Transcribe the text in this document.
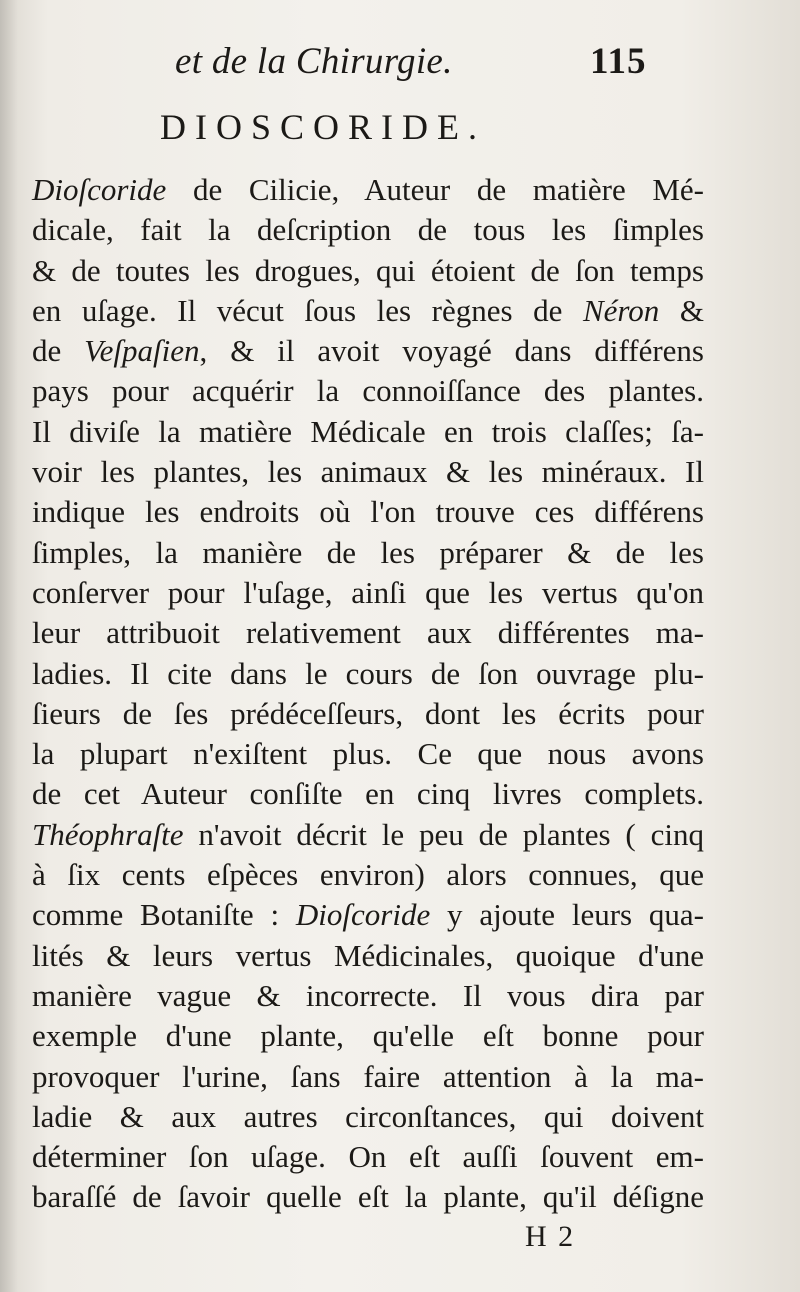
et de la Chirurgie.	115
DIOSCORIDE.
Dioſcoride de Cilicie, Auteur de matière Mé-
dicale, fait la deſcription de tous les ſimples
& de toutes les drogues, qui étoient de ſon temps
en uſage. Il vécut ſous les règnes de Néron &
de Veſpaſien, & il avoit voyagé dans différens
pays pour acquérir la connoiſſance des plantes.
Il diviſe la matière Médicale en trois claſſes; ſa-
voir les plantes, les animaux & les minéraux. Il
indique les endroits où l'on trouve ces différens
ſimples, la manière de les préparer & de les
conſerver pour l'uſage, ainſi que les vertus qu'on
leur attribuoit relativement aux différentes ma-
ladies. Il cite dans le cours de ſon ouvrage plu-
ſieurs de ſes prédéceſſeurs, dont les écrits pour
la plupart n'exiſtent plus. Ce que nous avons
de cet Auteur conſiſte en cinq livres complets.
Théophraſte n'avoit décrit le peu de plantes ( cinq
à ſix cents eſpèces environ) alors connues, que
comme Botaniſte : Dioſcoride y ajoute leurs qua-
lités & leurs vertus Médicinales, quoique d'une
manière vague & incorrecte. Il vous dira par
exemple d'une plante, qu'elle eſt bonne pour
provoquer l'urine, ſans faire attention à la ma-
ladie & aux autres circonſtances, qui doivent
déterminer ſon uſage. On eſt auſſi ſouvent em-
baraſſé de ſavoir quelle eſt la plante, qu'il déſigne
H 2
